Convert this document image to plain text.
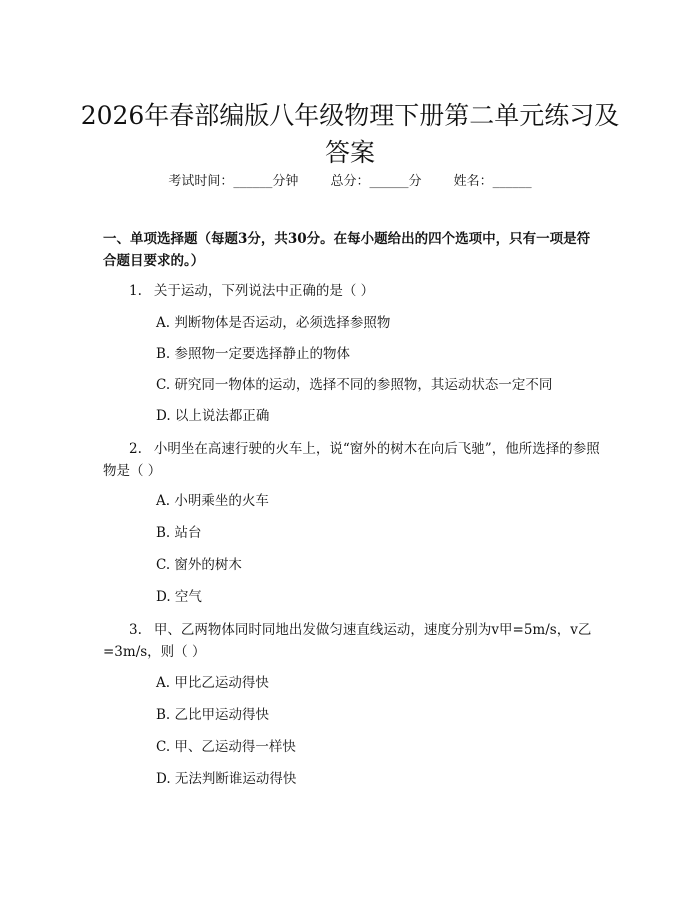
2026年春部编版八年级物理下册第二单元练习及答案
考试时间：______分钟 总分：______分 姓名：______
一、单项选择题（每题3分，共30分。在每小题给出的四个选项中，只有一项是符合题目要求的。）
1. 关于运动，下列说法中正确的是（ ）
A. 判断物体是否运动，必须选择参照物
B. 参照物一定要选择静止的物体
C. 研究同一物体的运动，选择不同的参照物，其运动状态一定不同
D. 以上说法都正确
2. 小明坐在高速行驶的火车上，说“窗外的树木在向后飞驰”，他所选择的参照物是（ ）
A. 小明乘坐的火车
B. 站台
C. 窗外的树木
D. 空气
3. 甲、乙两物体同时同地出发做匀速直线运动，速度分别为v甲=5m/s，v乙=3m/s，则（ ）
A. 甲比乙运动得快
B. 乙比甲运动得快
C. 甲、乙运动得一样快
D. 无法判断谁运动得快
